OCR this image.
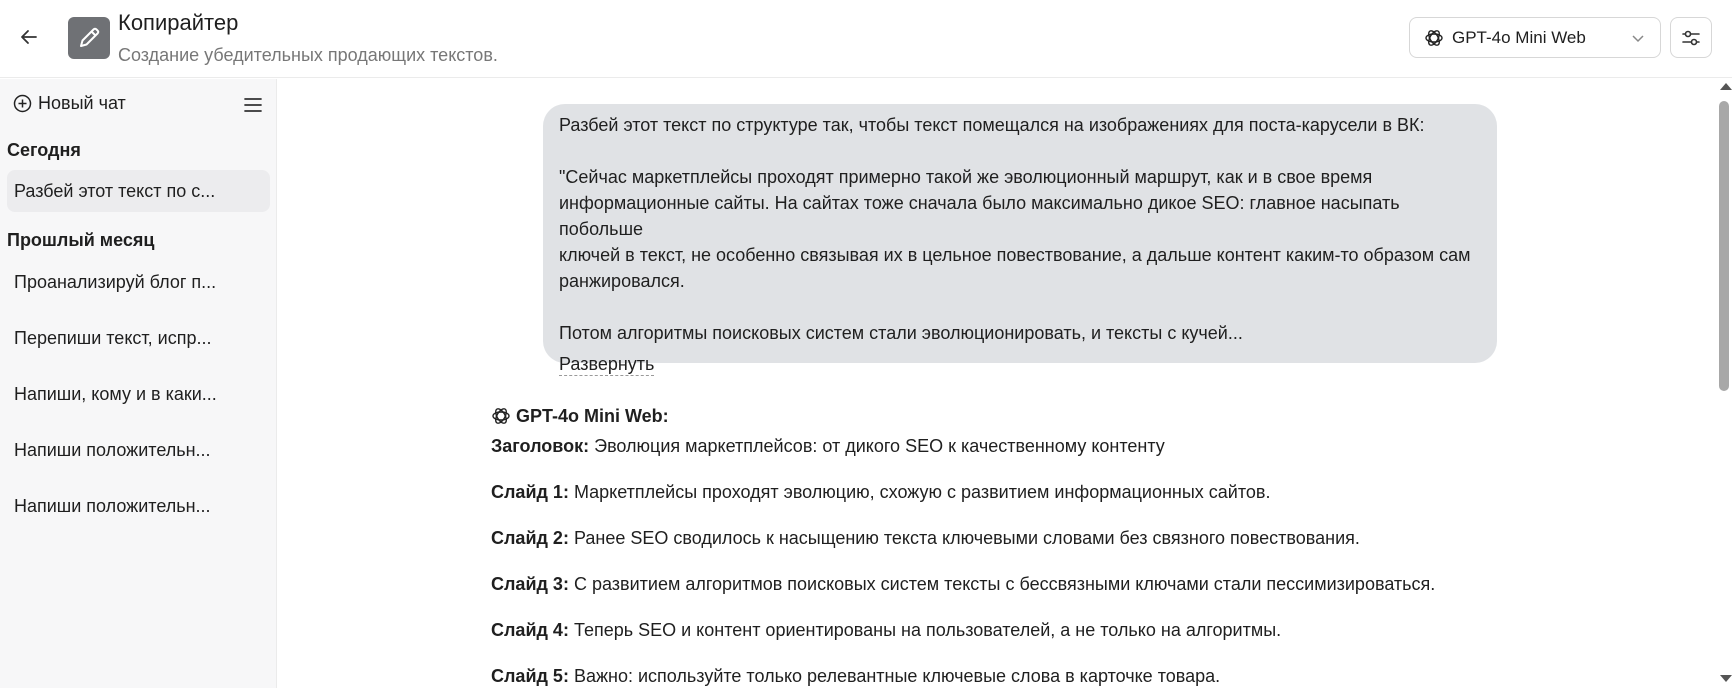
Копирайтер
Создание убедительных продающих текстов.
GPT-4o Mini Web
Новый чат
Сегодня
Разбей этот текст по с...
Прошлый месяц
Проанализируй блог п...
Перепиши текст, испр...
Напиши, кому и в каки...
Напиши положительн...
Напиши положительн...

Разбей этот текст по структуре так, чтобы текст помещался на изображениях для поста-карусели в ВК:

"Сейчас маркетплейсы проходят примерно такой же эволюционный маршрут, как и в свое время

информационные сайты. На сайтах тоже сначала было максимально дикое SEO: главное насыпать побольше

ключей в текст, не особенно связывая их в цельное повествование, а дальше контент каким-то образом сам

ранжировался.

Потом алгоритмы поисковых систем стали эволюционировать, и тексты с кучей...

Развернуть
GPT-4o Mini Web:
Заголовок: Эволюция маркетплейсов: от дикого SEO к качественному контенту
Слайд 1: Маркетплейсы проходят эволюцию, схожую с развитием информационных сайтов.
Слайд 2: Ранее SEO сводилось к насыщению текста ключевыми словами без связного повествования.
Слайд 3: С развитием алгоритмов поисковых систем тексты с бессвязными ключами стали пессимизироваться.
Слайд 4: Теперь SEO и контент ориентированы на пользователей, а не только на алгоритмы.
Слайд 5: Важно: используйте только релевантные ключевые слова в карточке товара.
